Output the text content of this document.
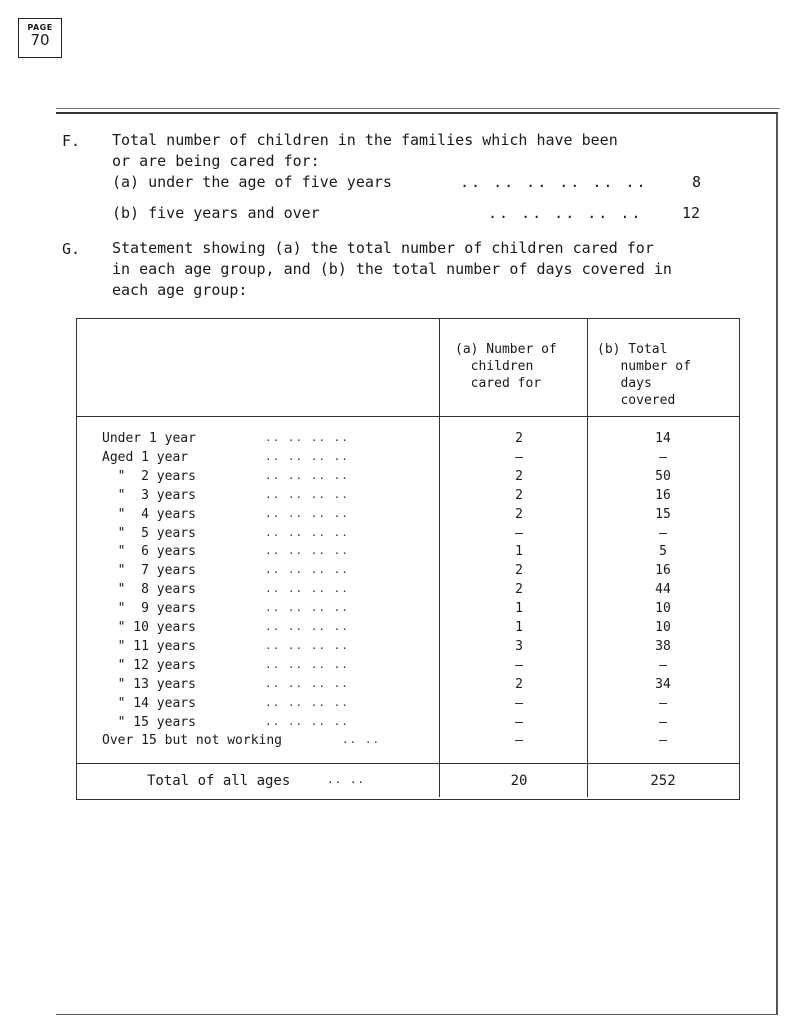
PAGE
70
F. Total number of children in the families which have been
or are being cared for:
(a) under the age of five years	.. .. .. .. .. ..	8
(b) five years and over	.. .. .. .. ..	12
G. Statement showing (a) the total number of children cared for
in each age group, and (b) the total number of days covered in
each age group:
(a) Number of
children
cared for
(b) Total
number of
days
covered
Under 1 year	.. .. .. ..	2	14
Aged 1 year	.. .. .. ..	–	–
"  2 years	.. .. .. ..	2	50
"  3 years	.. .. .. ..	2	16
"  4 years	.. .. .. ..	2	15
"  5 years	.. .. .. ..	–	–
"  6 years	.. .. .. ..	1	5
"  7 years	.. .. .. ..	2	16
"  8 years	.. .. .. ..	2	44
"  9 years	.. .. .. ..	1	10
" 10 years	.. .. .. ..	1	10
" 11 years	.. .. .. ..	3	38
" 12 years	.. .. .. ..	–	–
" 13 years	.. .. .. ..	2	34
" 14 years	.. .. .. ..	–	–
" 15 years	.. .. .. ..	–	–
Over 15 but not working	.. ..	–	–
Total of all ages	.. ..	20	252
